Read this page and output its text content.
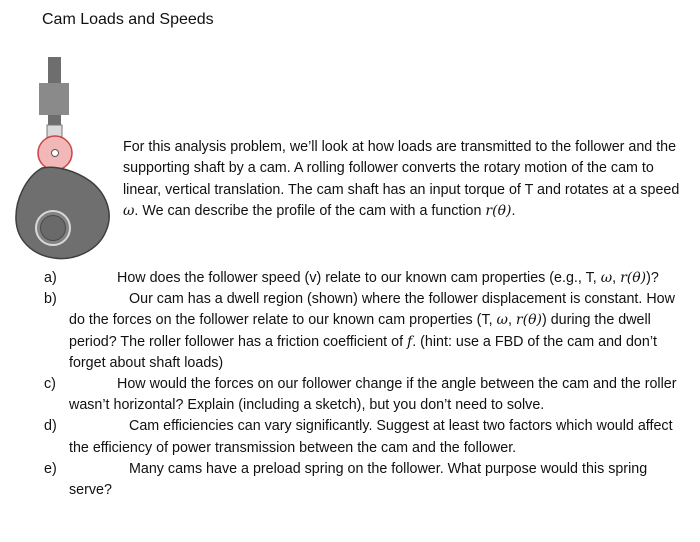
Cam Loads and Speeds
For this analysis problem, we’ll look at how loads are transmitted to the follower and the supporting shaft by a cam. A rolling follower converts the rotary motion of the cam to linear, vertical translation. The cam shaft has an input torque of T and rotates at a speed ω. We can describe the profile of the cam with a function r(θ).
a)	How does the follower speed (v) relate to our known cam properties (e.g., T, ω, r(θ))?
b)	Our cam has a dwell region (shown) where the follower displacement is constant. How do the forces on the follower relate to our known cam properties (T, ω, r(θ)) during the dwell period? The roller follower has a friction coefficient of f. (hint: use a FBD of the cam and don’t forget about shaft loads)
c)	How would the forces on our follower change if the angle between the cam and the roller wasn’t horizontal? Explain (including a sketch), but you don’t need to solve.
d)	Cam efficiencies can vary significantly. Suggest at least two factors which would affect the efficiency of power transmission between the cam and the follower.
e)	Many cams have a preload spring on the follower. What purpose would this spring serve?
